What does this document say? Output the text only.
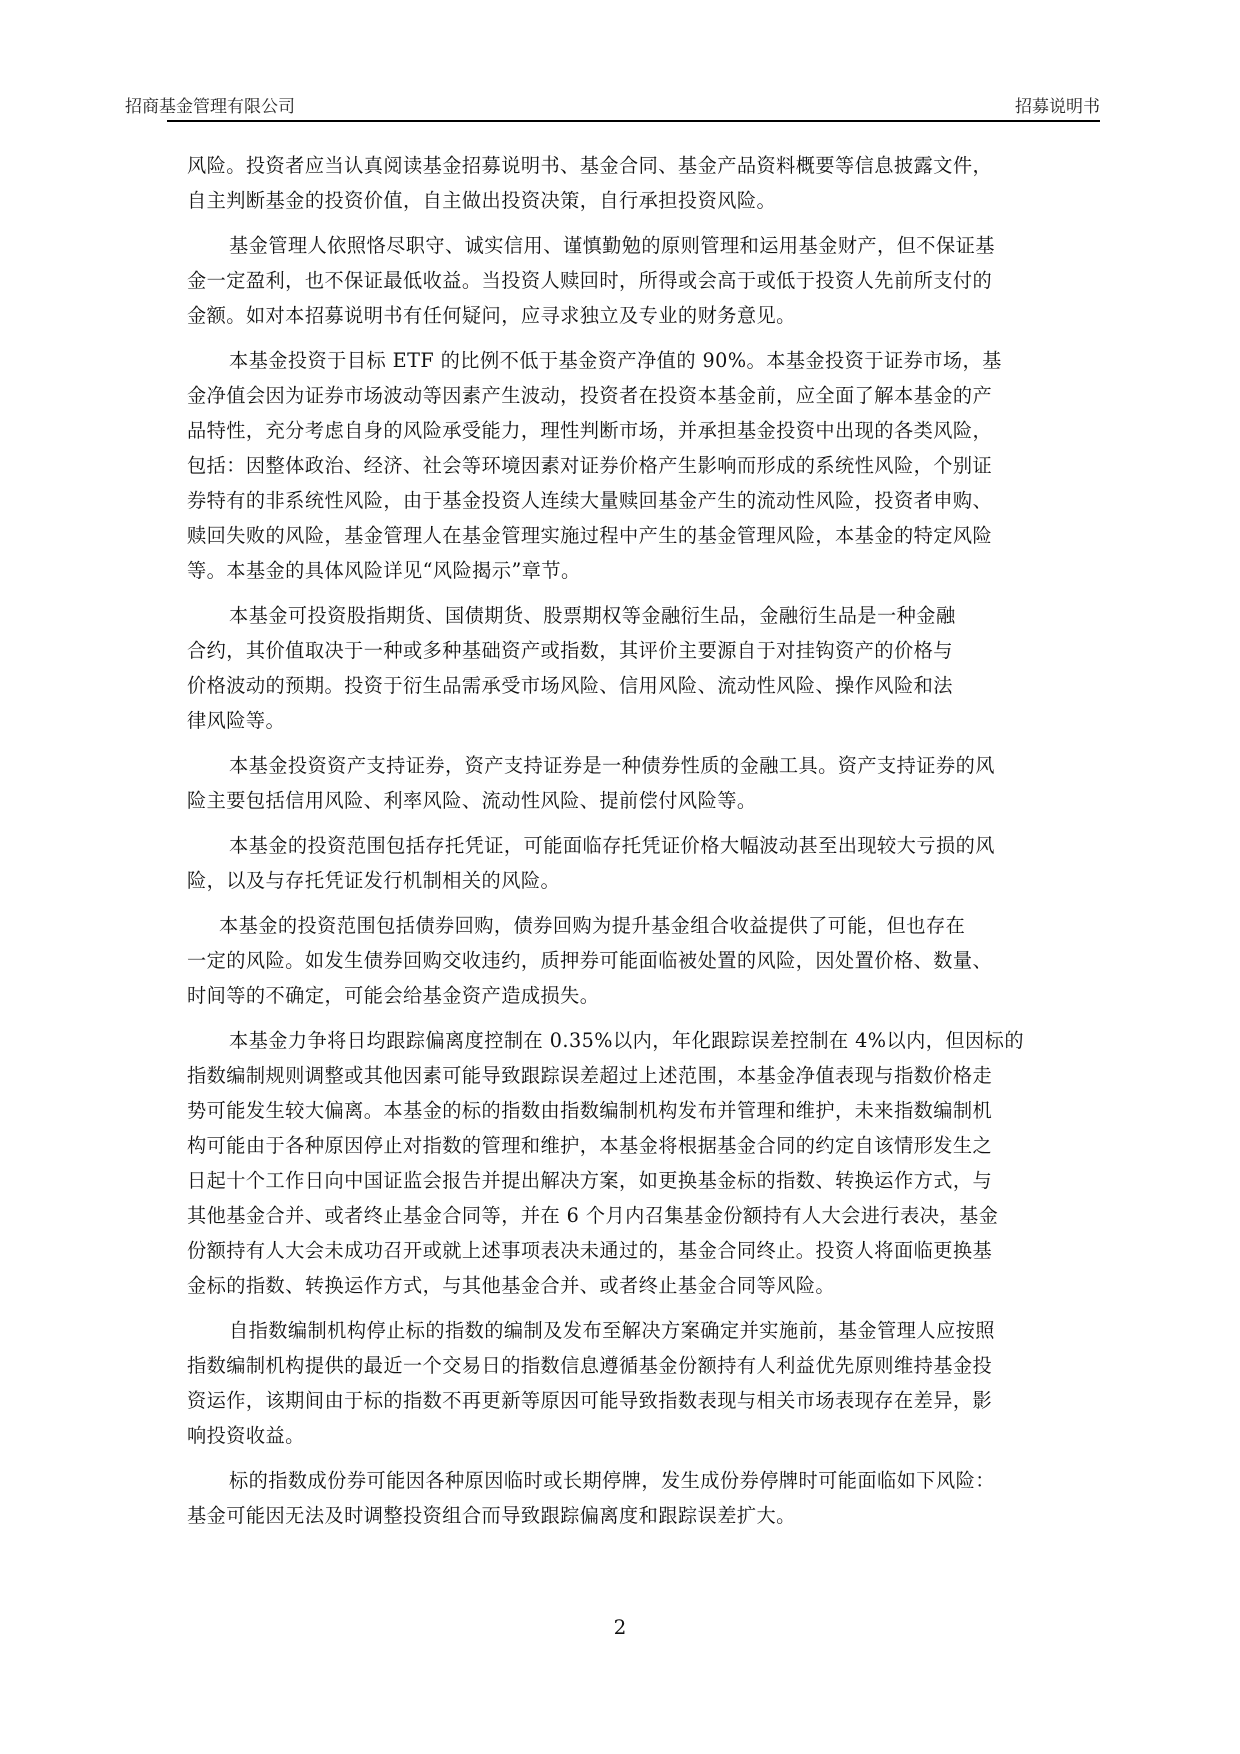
招商基金管理有限公司	招募说明书
风险。投资者应当认真阅读基金招募说明书、基金合同、基金产品资料概要等信息披露文件，
自主判断基金的投资价值，自主做出投资决策，自行承担投资风险。
基金管理人依照恪尽职守、诚实信用、谨慎勤勉的原则管理和运用基金财产，但不保证基
金一定盈利，也不保证最低收益。当投资人赎回时，所得或会高于或低于投资人先前所支付的
金额。如对本招募说明书有任何疑问，应寻求独立及专业的财务意见。
本基金投资于目标 ETF 的比例不低于基金资产净值的 90%。本基金投资于证券市场，基
金净值会因为证券市场波动等因素产生波动，投资者在投资本基金前，应全面了解本基金的产
品特性，充分考虑自身的风险承受能力，理性判断市场，并承担基金投资中出现的各类风险，
包括：因整体政治、经济、社会等环境因素对证券价格产生影响而形成的系统性风险，个别证
券特有的非系统性风险，由于基金投资人连续大量赎回基金产生的流动性风险，投资者申购、
赎回失败的风险，基金管理人在基金管理实施过程中产生的基金管理风险，本基金的特定风险
等。本基金的具体风险详见“风险揭示”章节。
本基金可投资股指期货、国债期货、股票期权等金融衍生品，金融衍生品是一种金融
合约，其价值取决于一种或多种基础资产或指数，其评价主要源自于对挂钩资产的价格与
价格波动的预期。投资于衍生品需承受市场风险、信用风险、流动性风险、操作风险和法
律风险等。
本基金投资资产支持证券，资产支持证券是一种债券性质的金融工具。资产支持证券的风
险主要包括信用风险、利率风险、流动性风险、提前偿付风险等。
本基金的投资范围包括存托凭证，可能面临存托凭证价格大幅波动甚至出现较大亏损的风
险，以及与存托凭证发行机制相关的风险。
本基金的投资范围包括债券回购，债券回购为提升基金组合收益提供了可能，但也存在
一定的风险。如发生债券回购交收违约，质押券可能面临被处置的风险，因处置价格、数量、
时间等的不确定，可能会给基金资产造成损失。
本基金力争将日均跟踪偏离度控制在 0.35%以内，年化跟踪误差控制在 4%以内，但因标的
指数编制规则调整或其他因素可能导致跟踪误差超过上述范围，本基金净值表现与指数价格走
势可能发生较大偏离。本基金的标的指数由指数编制机构发布并管理和维护，未来指数编制机
构可能由于各种原因停止对指数的管理和维护，本基金将根据基金合同的约定自该情形发生之
日起十个工作日向中国证监会报告并提出解决方案，如更换基金标的指数、转换运作方式，与
其他基金合并、或者终止基金合同等，并在 6 个月内召集基金份额持有人大会进行表决，基金
份额持有人大会未成功召开或就上述事项表决未通过的，基金合同终止。投资人将面临更换基
金标的指数、转换运作方式，与其他基金合并、或者终止基金合同等风险。
自指数编制机构停止标的指数的编制及发布至解决方案确定并实施前，基金管理人应按照
指数编制机构提供的最近一个交易日的指数信息遵循基金份额持有人利益优先原则维持基金投
资运作，该期间由于标的指数不再更新等原因可能导致指数表现与相关市场表现存在差异，影
响投资收益。
标的指数成份券可能因各种原因临时或长期停牌，发生成份券停牌时可能面临如下风险：
基金可能因无法及时调整投资组合而导致跟踪偏离度和跟踪误差扩大。
2
